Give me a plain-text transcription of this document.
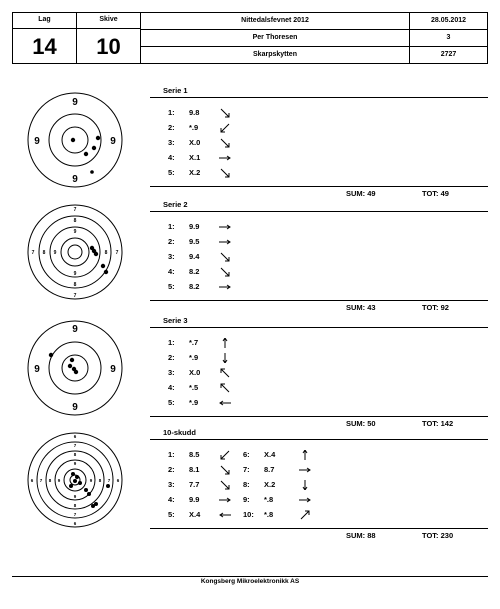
Lag
14
Skive
10
Nittedalsfevnet 2012	28.05.2012
Per Thoresen	3
Skarpskytten	2727
9
9	9
9
7
8
9
7 8 9	8 7
9
8
7
9
9	9
9
6
7
8
9
6 7 8 9	9 8 7 6
9
8
7
6
Serie 1
1: 9.8
2: *.9
3: X.0
4: X.1
5: X.2
SUM: 49	TOT: 49
Serie 2
1: 9.9
2: 9.5
3: 9.4
4: 8.2
5: 8.2
SUM: 43	TOT: 92
Serie 3
1: *.7
2: *.9
3: X.0
4: *.5
5: *.9
SUM: 50	TOT: 142
10-skudd
1: 8.5
2: 8.1
3: 7.7
4: 9.9
5: X.4
6: X.4
7: 8.7
8: X.2
9: *.8
10: *.8
SUM: 88	TOT: 230
Kongsberg Mikroelektronikk AS
